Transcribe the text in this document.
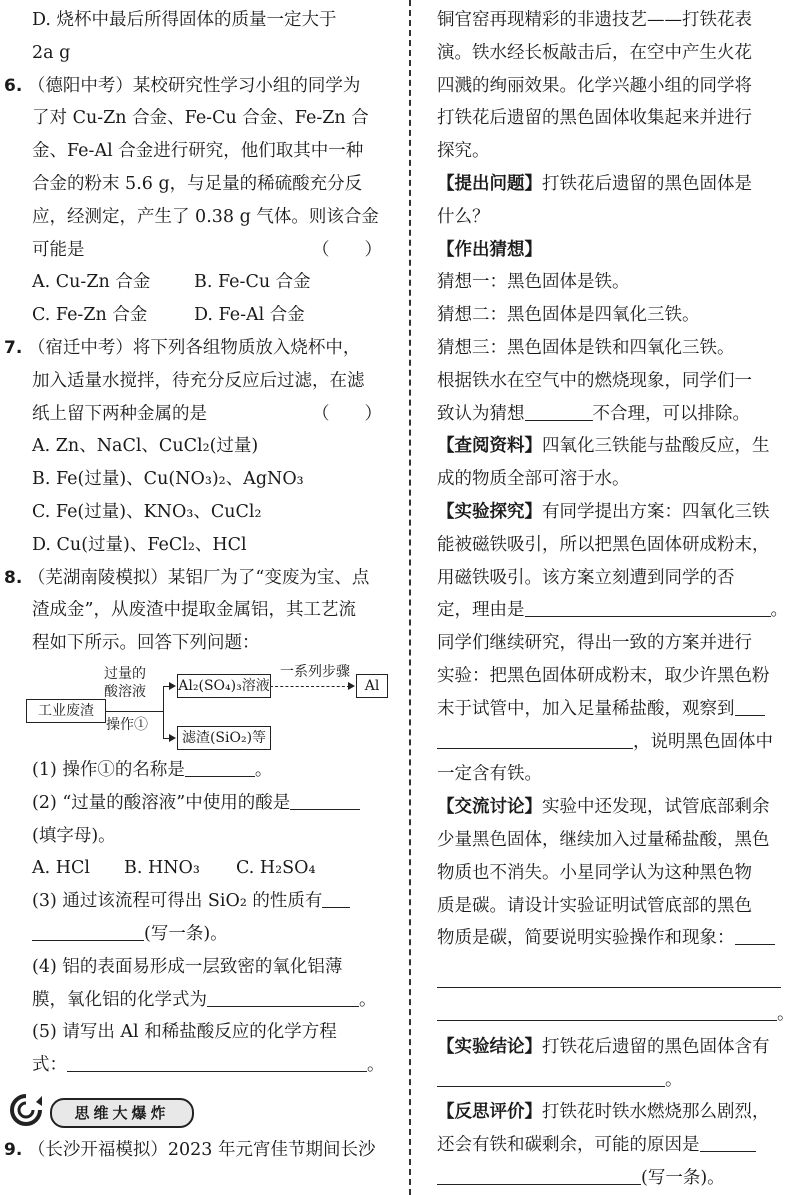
D. 烧杯中最后所得固体的质量一定大于
2a g
6. （德阳中考）某校研究性学习小组的同学为
了对 Cu-Zn 合金、Fe-Cu 合金、Fe-Zn 合
金、Fe-Al 合金进行研究，他们取其中一种
合金的粉末 5.6 g，与足量的稀硫酸充分反
应，经测定，产生了 0.38 g 气体。则该合金
可能是	（　　）
A. Cu-Zn 合金 B. Fe-Cu 合金
C. Fe-Zn 合金	D. Fe-Al 合金
7. （宿迁中考）将下列各组物质放入烧杯中，
加入适量水搅拌，待充分反应后过滤，在滤
纸上留下两种金属的是	（　　）
A. Zn、NaCl、CuCl₂(过量)
B. Fe(过量)、Cu(NO₃)₂、AgNO₃
C. Fe(过量)、KNO₃、CuCl₂
D. Cu(过量)、FeCl₂、HCl
8. （芜湖南陵模拟）某铝厂为了“变废为宝、点
渣成金”，从废渣中提取金属铝，其工艺流
程如下所示。回答下列问题：
工业废渣
过量的
酸溶液
操作①
Al₂(SO₄)₃溶液
滤渣(SiO₂)等
一系列步骤
Al
(1) 操作①的名称是	。
(2) “过量的酸溶液”中使用的酸是
(填字母)。
A. HCl B. HNO₃ C. H₂SO₄
(3) 通过该流程可得出 SiO₂ 的性质有
(写一条)。
(4) 铝的表面易形成一层致密的氧化铝薄
膜，氧化铝的化学式为	。
(5) 请写出 Al 和稀盐酸反应的化学方程
式：	。
思维大爆炸
9. （长沙开福模拟）2023 年元宵佳节期间长沙
铜官窑再现精彩的非遗技艺——打铁花表
演。铁水经长板敲击后，在空中产生火花
四溅的绚丽效果。化学兴趣小组的同学将
打铁花后遗留的黑色固体收集起来并进行
探究。
【提出问题】打铁花后遗留的黑色固体是
什么？
【作出猜想】
猜想一：黑色固体是铁。
猜想二：黑色固体是四氧化三铁。
猜想三：黑色固体是铁和四氧化三铁。
根据铁水在空气中的燃烧现象，同学们一
致认为猜想	不合理，可以排除。
【查阅资料】四氧化三铁能与盐酸反应，生
成的物质全部可溶于水。
【实验探究】有同学提出方案：四氧化三铁
能被磁铁吸引，所以把黑色固体研成粉末，
用磁铁吸引。该方案立刻遭到同学的否
定，理由是	。
同学们继续研究，得出一致的方案并进行
实验：把黑色固体研成粉末，取少许黑色粉
末于试管中，加入足量稀盐酸，观察到
，说明黑色固体中
一定含有铁。
【交流讨论】实验中还发现，试管底部剩余
少量黑色固体，继续加入过量稀盐酸，黑色
物质也不消失。小星同学认为这种黑色物
质是碳。请设计实验证明试管底部的黑色
物质是碳，简要说明实验操作和现象：
。
【实验结论】打铁花后遗留的黑色固体含有
。
【反思评价】打铁花时铁水燃烧那么剧烈，
还会有铁和碳剩余，可能的原因是
(写一条)。
